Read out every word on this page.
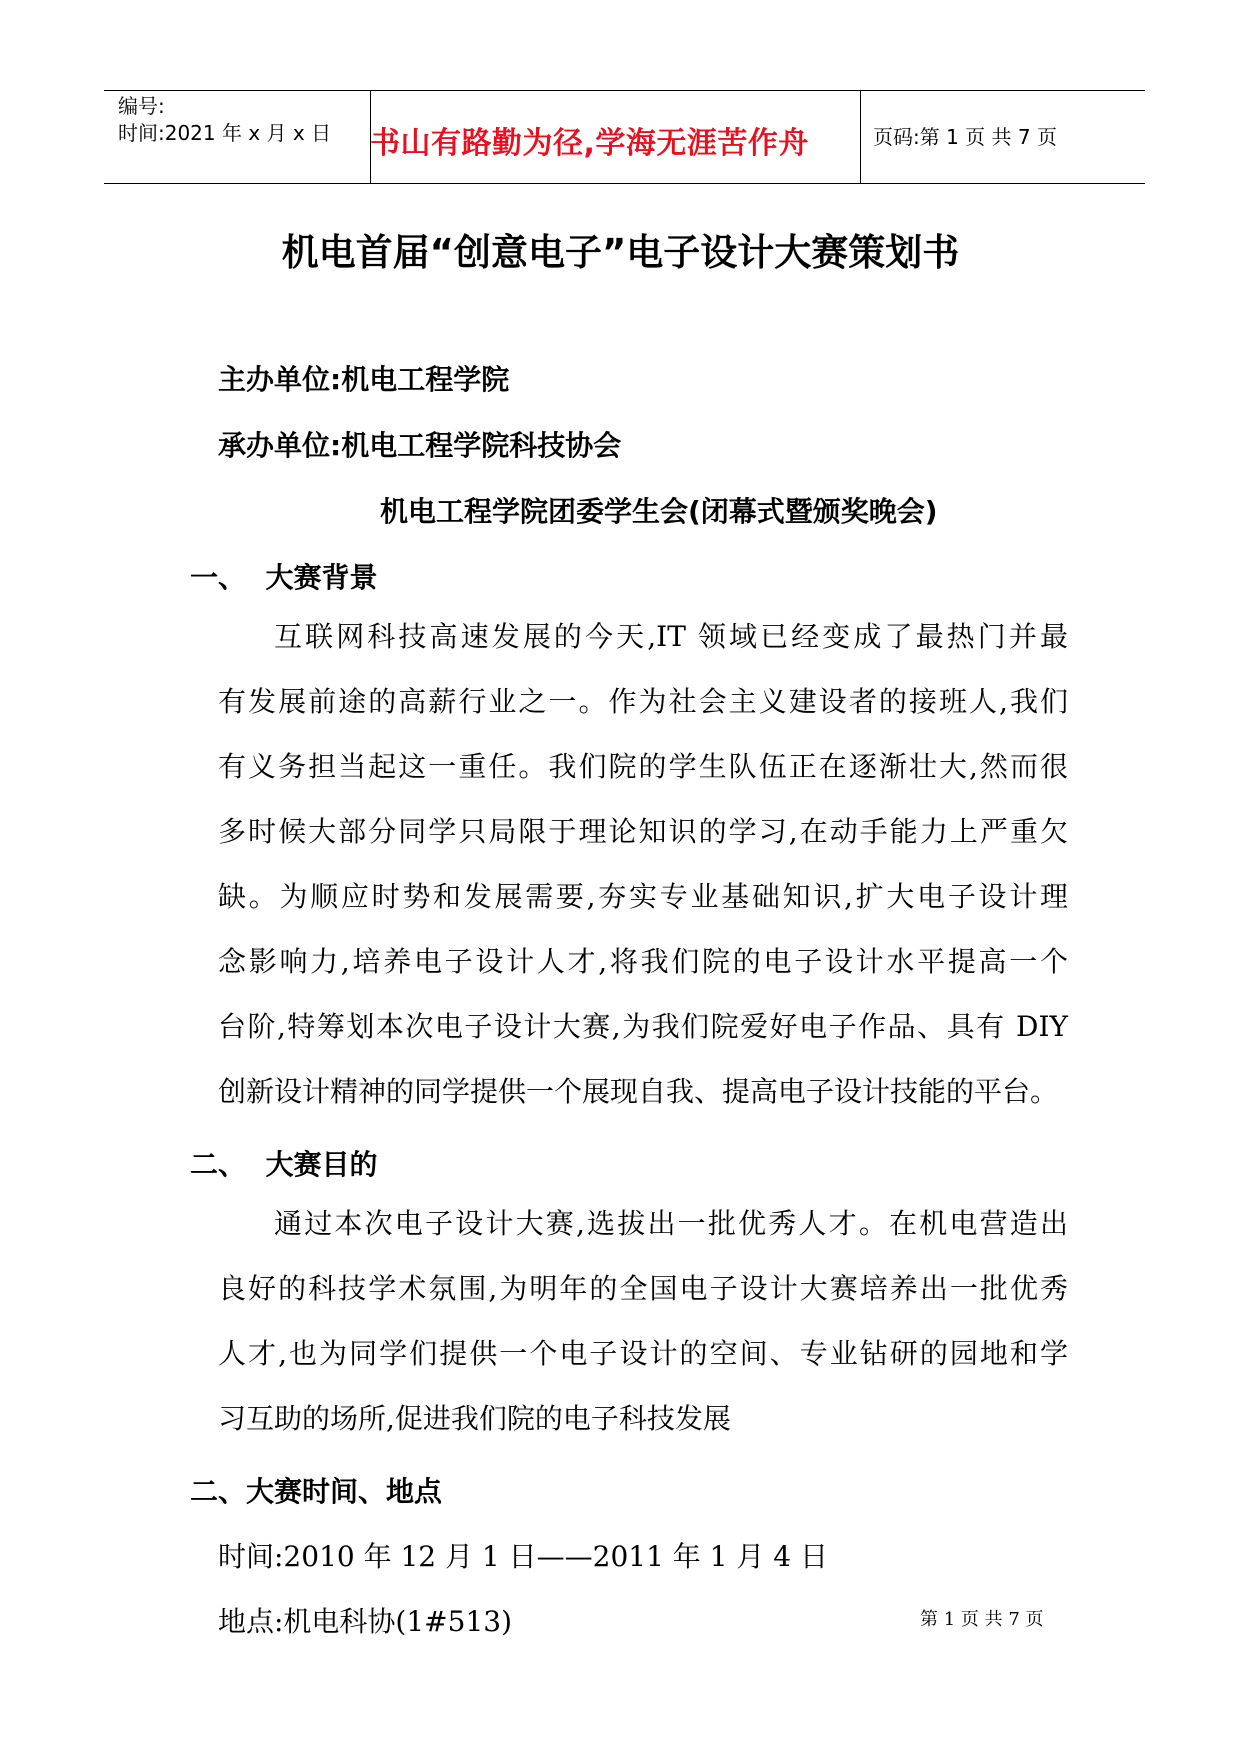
编号:
时间:2021 年 x 月 x 日 书山有路勤为径,学海无涯苦作舟	页码:第 1 页 共 7 页
机电首届“创意电子”电子设计大赛策划书
主办单位:机电工程学院
承办单位:机电工程学院科技协会
机电工程学院团委学生会(闭幕式暨颁奖晚会)
一、  大赛背景
互联网科技高速发展的今天,IT 领域已经变成了最热门并最
有发展前途的高薪行业之一。作为社会主义建设者的接班人,我们
有义务担当起这一重任。我们院的学生队伍正在逐渐壮大,然而很
多时候大部分同学只局限于理论知识的学习,在动手能力上严重欠
缺。为顺应时势和发展需要,夯实专业基础知识,扩大电子设计理
念影响力,培养电子设计人才,将我们院的电子设计水平提高一个
台阶,特筹划本次电子设计大赛,为我们院爱好电子作品、具有 DIY
创新设计精神的同学提供一个展现自我、提高电子设计技能的平台。
二、  大赛目的
通过本次电子设计大赛,选拔出一批优秀人才。在机电营造出
良好的科技学术氛围,为明年的全国电子设计大赛培养出一批优秀
人才,也为同学们提供一个电子设计的空间、专业钻研的园地和学
习互助的场所,促进我们院的电子科技发展
二、大赛时间、地点
时间:2010 年 12 月 1 日——2011 年 1 月 4 日
地点:机电科协(1#513)	第 1 页 共 7 页
